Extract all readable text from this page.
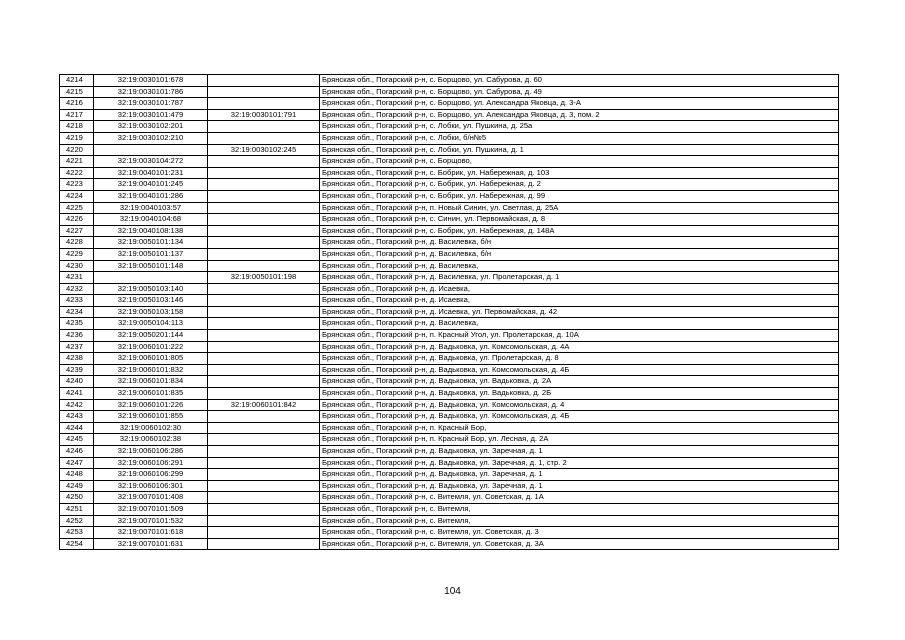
4214	32:19:0030101:678		Брянская обл., Погарский р-н, с. Борщово, ул. Сабурова, д. 60
4215	32:19:0030101:786		Брянская обл., Погарский р-н, с. Борщово, ул. Сабурова, д. 49
4216	32:19:0030101:787		Брянская обл., Погарский р-н, с. Борщово, ул. Александра Яковца, д. 3-А
4217	32:19:0030101:479	32:19:0030101:791	Брянская обл., Погарский р-н, с. Борщово, ул. Александра Яковца, д. 3, пом. 2
4218	32:19:0030102:201		Брянская обл., Погарский р-н, с. Лобки, ул. Пушкина, д. 25а
4219	32:19:0030102:210		Брянская обл., Погарский р-н, с. Лобки, б/н№5
4220		32:19:0030102:245	Брянская обл., Погарский р-н, с. Лобки, ул. Пушкина, д. 1
4221	32:19:0030104:272		Брянская обл., Погарский р-н, с. Борщово,
4222	32:19:0040101:231		Брянская обл., Погарский р-н, с. Бобрик, ул. Набережная, д. 103
4223	32:19:0040101:245		Брянская обл., Погарский р-н, с. Бобрик, ул. Набережная, д. 2
4224	32:19:0040101:286		Брянская обл., Погарский р-н, с. Бобрик, ул. Набережная, д. 99
4225	32:19:0040103:57		Брянская обл., Погарский р-н, п. Новый Синин, ул. Светлая, д. 25А
4226	32:19:0040104:68		Брянская обл., Погарский р-н, с. Синин, ул. Первомайская, д. 8
4227	32:19:0040108:138		Брянская обл., Погарский р-н, с. Бобрик, ул. Набережная, д. 148А
4228	32:19:0050101:134		Брянская обл., Погарский р-н, д. Василевка, б/н
4229	32:19:0050101:137		Брянская обл., Погарский р-н, д. Василевка, б/н
4230	32:19:0050101:148		Брянская обл., Погарский р-н, д. Василевка,
4231		32:19:0050101:198	Брянская обл., Погарский р-н, д. Василевка, ул. Пролетарская, д. 1
4232	32:19:0050103:140		Брянская обл., Погарский р-н, д. Исаевка,
4233	32:19:0050103:146		Брянская обл., Погарский р-н, д. Исаевка,
4234	32:19:0050103:158		Брянская обл., Погарский р-н, д. Исаевка, ул. Первомайская, д. 42
4235	32:19:0050104:113		Брянская обл., Погарский р-н, д. Василевка,
4236	32:19:0050201:144		Брянская обл., Погарский р-н, п. Красный Угол, ул. Пролетарская, д. 10А
4237	32:19:0060101:222		Брянская обл., Погарский р-н, д. Вадьковка, ул. Комсомольская, д. 4А
4238	32:19:0060101:805		Брянская обл., Погарский р-н, д. Вадьковка, ул. Пролетарская, д. 8
4239	32:19:0060101:832		Брянская обл., Погарский р-н, д. Вадьковка, ул. Комсомольская, д. 4Б
4240	32:19:0060101:834		Брянская обл., Погарский р-н, д. Вадьковка, ул. Вадьковка, д. 2А
4241	32:19:0060101:835		Брянская обл., Погарский р-н, д. Вадьковка, ул. Вадьковка, д. 2Б
4242	32:19:0060101:226	32:19:0060101:842	Брянская обл., Погарский р-н, д. Вадьковка, ул. Комсомольская, д. 4
4243	32:19:0060101:855		Брянская обл., Погарский р-н, д. Вадьковка, ул. Комсомольская, д. 4Б
4244	32:19:0060102:30		Брянская обл., Погарский р-н, п. Красный Бор,
4245	32:19:0060102:38		Брянская обл., Погарский р-н, п. Красный Бор, ул. Лесная, д. 2А
4246	32:19:0060106:286		Брянская обл., Погарский р-н, д. Вадьковка, ул. Заречная, д. 1
4247	32:19:0060106:291		Брянская обл., Погарский р-н, д. Вадьковка, ул. Заречная, д. 1, стр. 2
4248	32:19:0060106:299		Брянская обл., Погарский р-н, д. Вадьковка, ул. Заречная, д. 1
4249	32:19:0060106:301		Брянская обл., Погарский р-н, д. Вадьковка, ул. Заречная, д. 1
4250	32:19:0070101:408		Брянская обл., Погарский р-н, с. Витемля, ул. Советская, д. 1А
4251	32:19:0070101:509		Брянская обл., Погарский р-н, с. Витемля,
4252	32:19:0070101:532		Брянская обл., Погарский р-н, с. Витемля,
4253	32:19:0070101:618		Брянская обл., Погарский р-н, с. Витемля, ул. Советская, д. 3
4254	32:19:0070101:631		Брянская обл., Погарский р-н, с. Витемля, ул. Советская, д. 3А
104
